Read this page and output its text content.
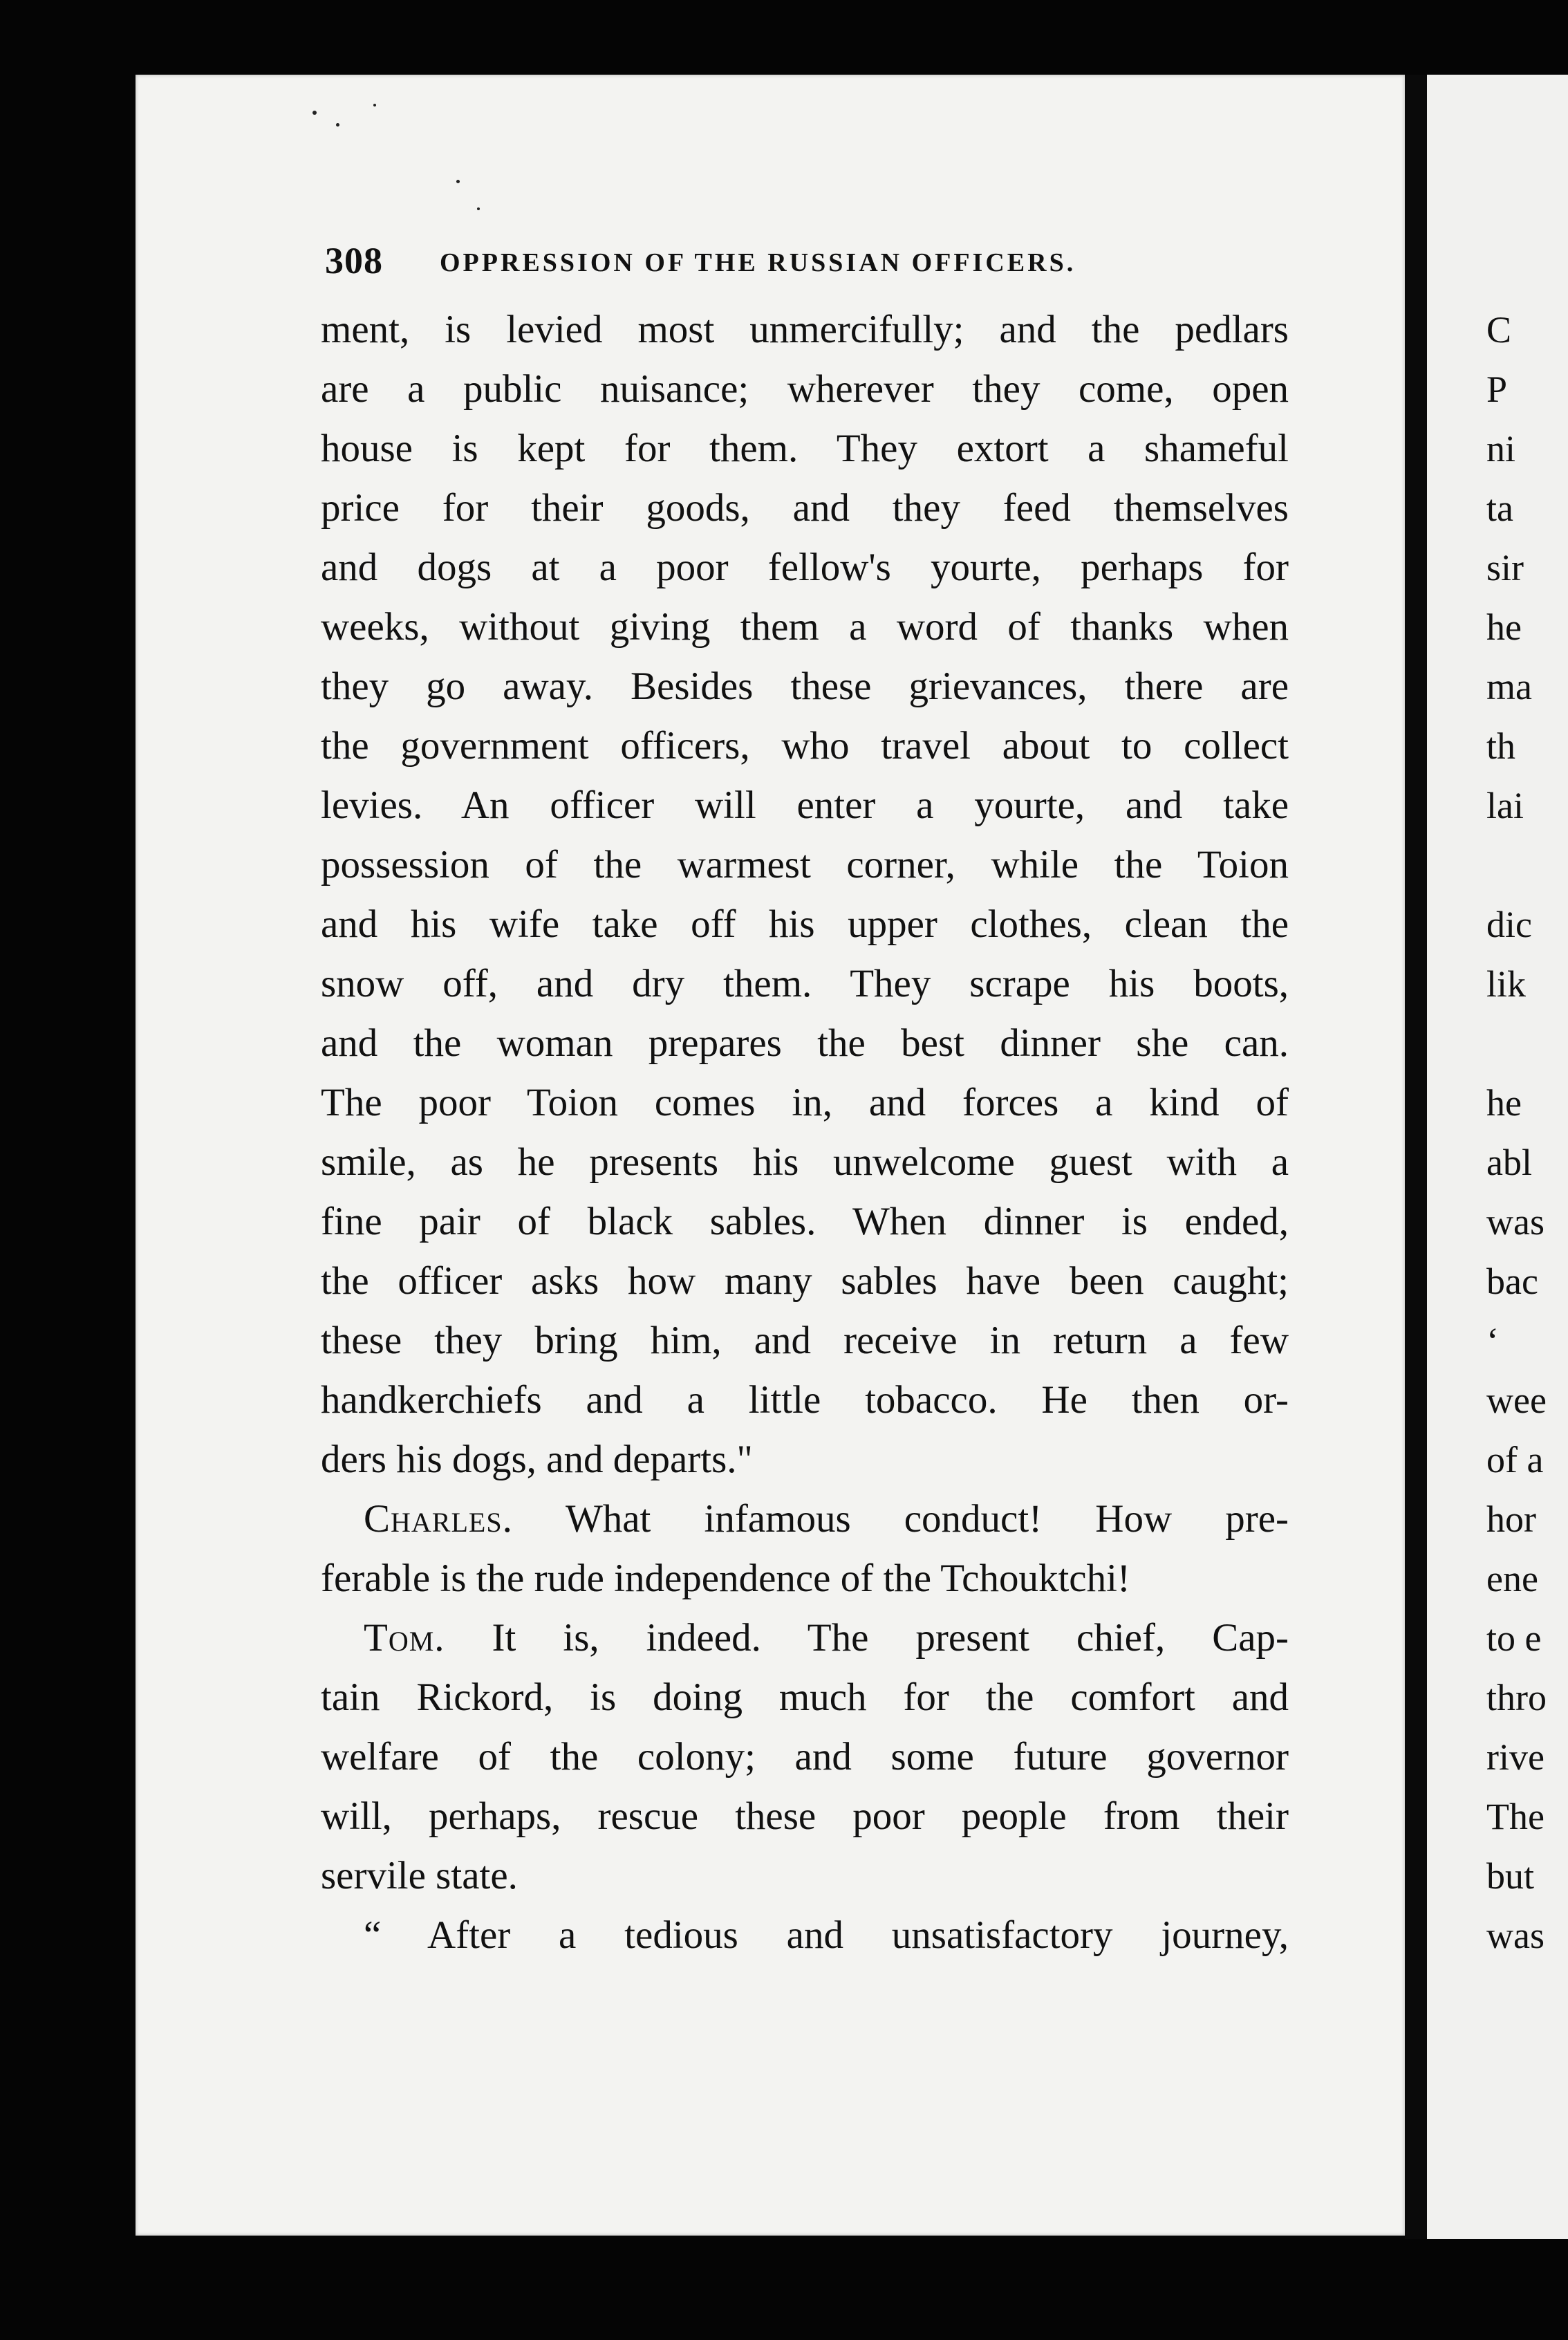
308 OPPRESSION OF THE RUSSIAN OFFICERS.
ment, is levied most unmercifully; and the pedlars
are a public nuisance; wherever they come, open
house is kept for them. They extort a shameful
price for their goods, and they feed themselves
and dogs at a poor fellow's yourte, perhaps for
weeks, without giving them a word of thanks when
they go away. Besides these grievances, there are
the government officers, who travel about to collect
levies. An officer will enter a yourte, and take
possession of the warmest corner, while the Toion
and his wife take off his upper clothes, clean the
snow off, and dry them. They scrape his boots,
and the woman prepares the best dinner she can.
The poor Toion comes in, and forces a kind of
smile, as he presents his unwelcome guest with a
fine pair of black sables. When dinner is ended,
the officer asks how many sables have been caught;
these they bring him, and receive in return a few
handkerchiefs and a little tobacco. He then or-
ders his dogs, and departs."
Charles. What infamous conduct! How pre-
ferable is the rude independence of the Tchouktchi!
Tom. It is, indeed. The present chief, Cap-
tain Rickord, is doing much for the comfort and
welfare of the colony; and some future governor
will, perhaps, rescue these poor people from their
servile state.
“ After a tedious and unsatisfactory journey,
C
P
ni
ta
sir
he
ma
th
lai
dic
lik
he
abl
was
bac
‘
wee
of a
hor
ene
to e
thro
rive
The
but
was
